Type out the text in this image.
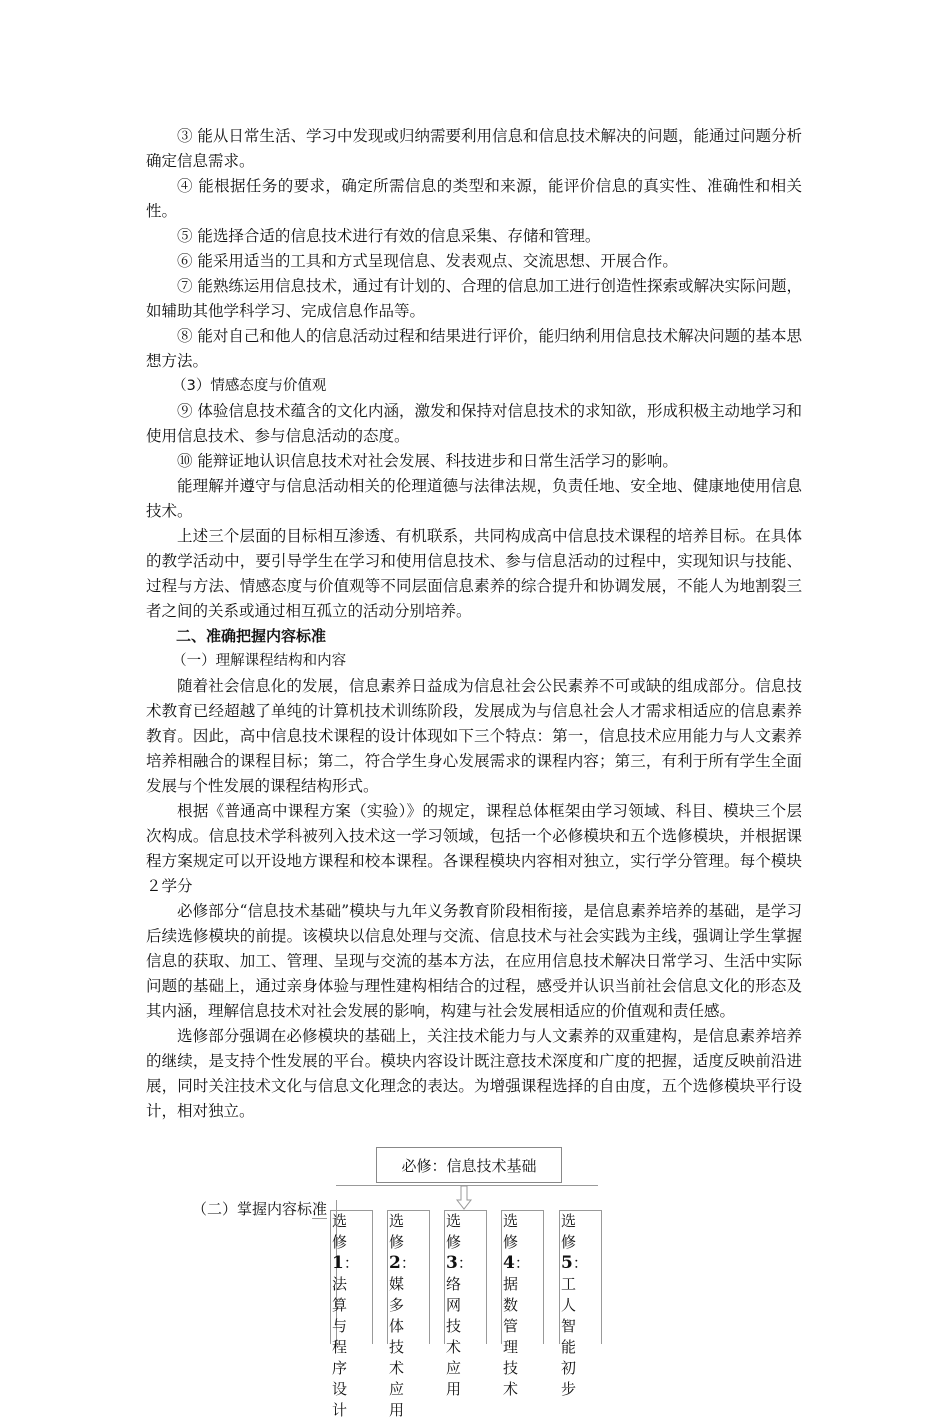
③ 能从日常生活、学习中发现或归纳需要利用信息和信息技术解决的问题，能通过问题分析确定信息需求。

④ 能根据任务的要求，确定所需信息的类型和来源，能评价信息的真实性、准确性和相关性。

⑤ 能选择合适的信息技术进行有效的信息采集、存储和管理。

⑥ 能采用适当的工具和方式呈现信息、发表观点、交流思想、开展合作。

⑦ 能熟练运用信息技术，通过有计划的、合理的信息加工进行创造性探索或解决实际问题，如辅助其他学科学习、完成信息作品等。

⑧ 能对自己和他人的信息活动过程和结果进行评价，能归纳利用信息技术解决问题的基本思想方法。

（3）情感态度与价值观

⑨ 体验信息技术蕴含的文化内涵，激发和保持对信息技术的求知欲，形成积极主动地学习和使用信息技术、参与信息活动的态度。

⑩ 能辩证地认识信息技术对社会发展、科技进步和日常生活学习的影响。

能理解并遵守与信息活动相关的伦理道德与法律法规，负责任地、安全地、健康地使用信息技术。

上述三个层面的目标相互渗透、有机联系，共同构成高中信息技术课程的培养目标。在具体的教学活动中，要引导学生在学习和使用信息技术、参与信息活动的过程中，实现知识与技能、过程与方法、情感态度与价值观等不同层面信息素养的综合提升和协调发展，不能人为地割裂三者之间的关系或通过相互孤立的活动分别培养。

二、准确把握内容标准

（一）理解课程结构和内容

随着社会信息化的发展，信息素养日益成为信息社会公民素养不可或缺的组成部分。信息技术教育已经超越了单纯的计算机技术训练阶段，发展成为与信息社会人才需求相适应的信息素养教育。因此，高中信息技术课程的设计体现如下三个特点：第一，信息技术应用能力与人文素养培养相融合的课程目标；第二，符合学生身心发展需求的课程内容；第三，有利于所有学生全面发展与个性发展的课程结构形式。

根据《普通高中课程方案（实验）》的规定，课程总体框架由学习领域、科目、模块三个层次构成。信息技术学科被列入技术这一学习领域，包括一个必修模块和五个选修模块，并根据课程方案规定可以开设地方课程和校本课程。各课程模块内容相对独立，实行学分管理。每个模块２学分

必修部分“信息技术基础”模块与九年义务教育阶段相衔接，是信息素养培养的基础，是学习后续选修模块的前提。该模块以信息处理与交流、信息技术与社会实践为主线，强调让学生掌握信息的获取、加工、管理、呈现与交流的基本方法，在应用信息技术解决日常学习、生活中实际问题的基础上，通过亲身体验与理性建构相结合的过程，感受并认识当前社会信息文化的形态及其内涵，理解信息技术对社会发展的影响，构建与社会发展相适应的价值观和责任感。

选修部分强调在必修模块的基础上，关注技术能力与人文素养的双重建构，是信息素养培养的继续，是支持个性发展的平台。模块内容设计既注意技术深度和广度的把握，适度反映前沿进展，同时关注技术文化与信息文化理念的表达。为增强课程选择的自由度，五个选修模块平行设计，相对独立。

必修：信息技术基础
（二）掌握内容标准
选修1：法算与程序设计
选修2：媒多体技术应用
选修3：络网技术应用
选修4：据数管理技术
选修5：工人智能初步
